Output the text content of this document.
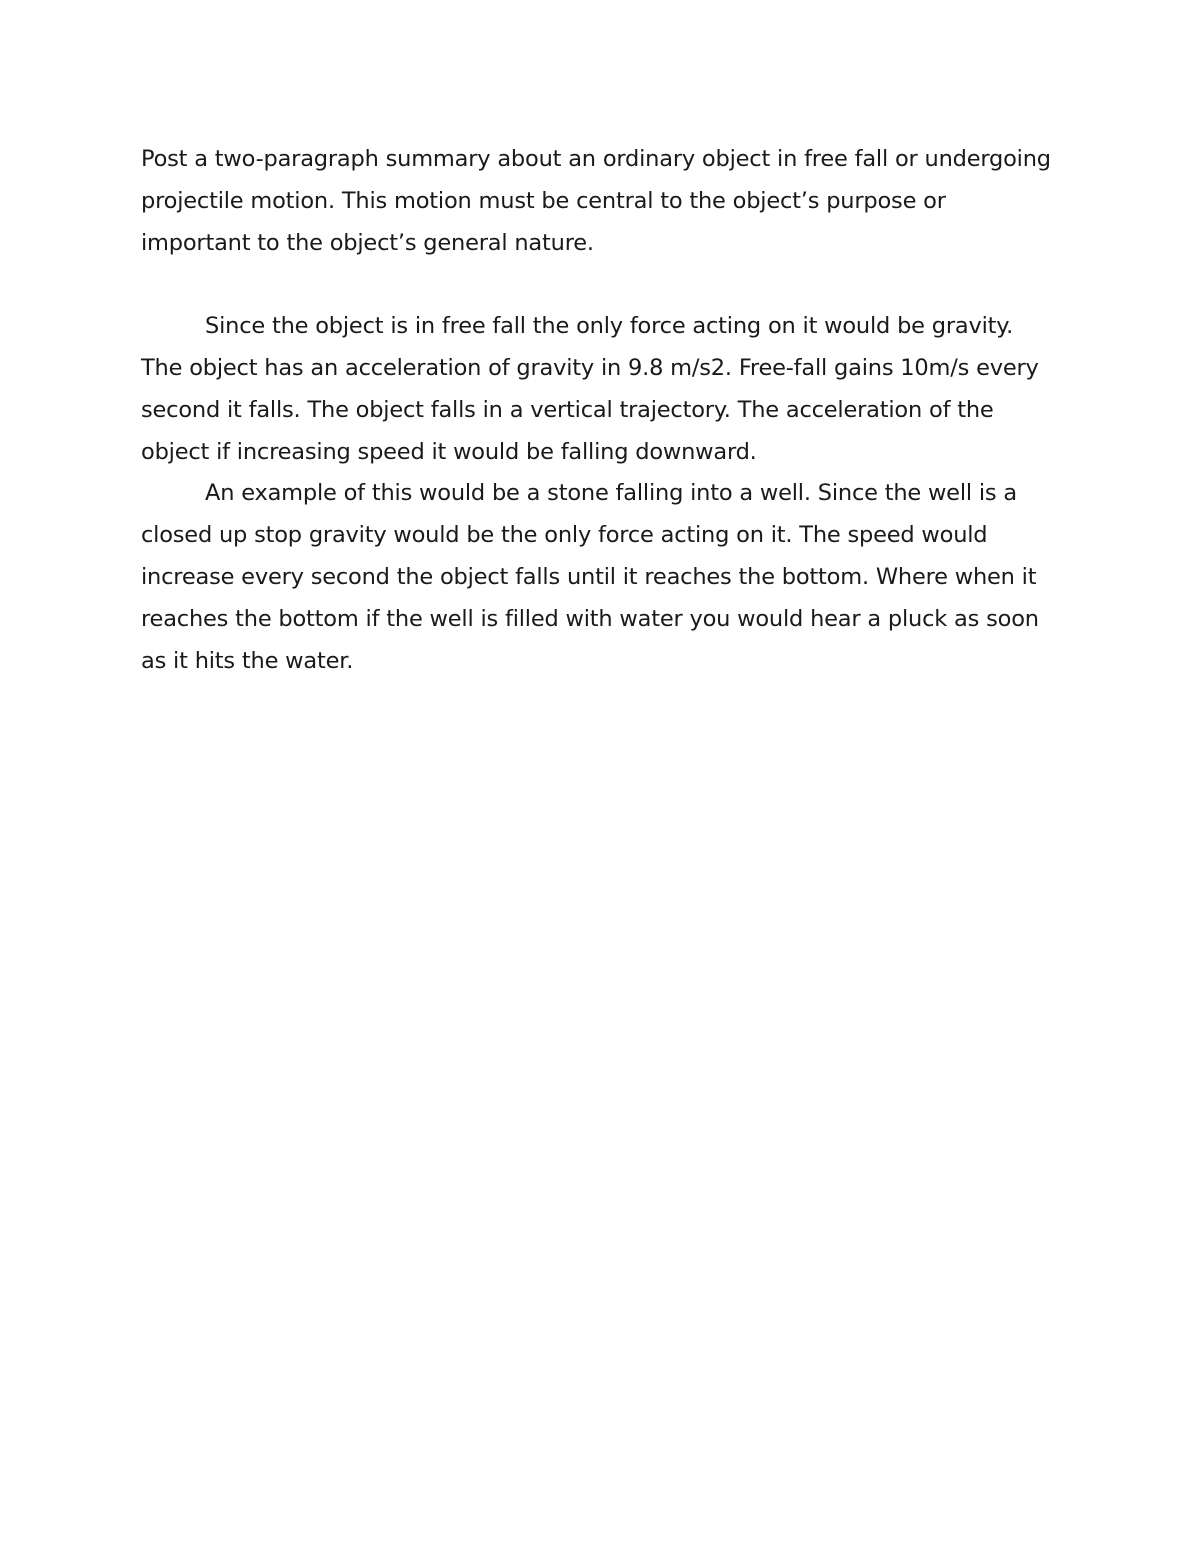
Post a two-paragraph summary about an ordinary object in free fall or undergoing projectile motion. This motion must be central to the object’s purpose or important to the object’s general nature.

Since the object is in free fall the only force acting on it would be gravity. The object has an acceleration of gravity in 9.8 m/s2. Free-fall gains 10m/s every second it falls. The object falls in a vertical trajectory. The acceleration of the object if increasing speed it would be falling downward.

An example of this would be a stone falling into a well. Since the well is a closed up stop gravity would be the only force acting on it. The speed would increase every second the object falls until it reaches the bottom. Where when it reaches the bottom if the well is filled with water you would hear a pluck as soon as it hits the water.
